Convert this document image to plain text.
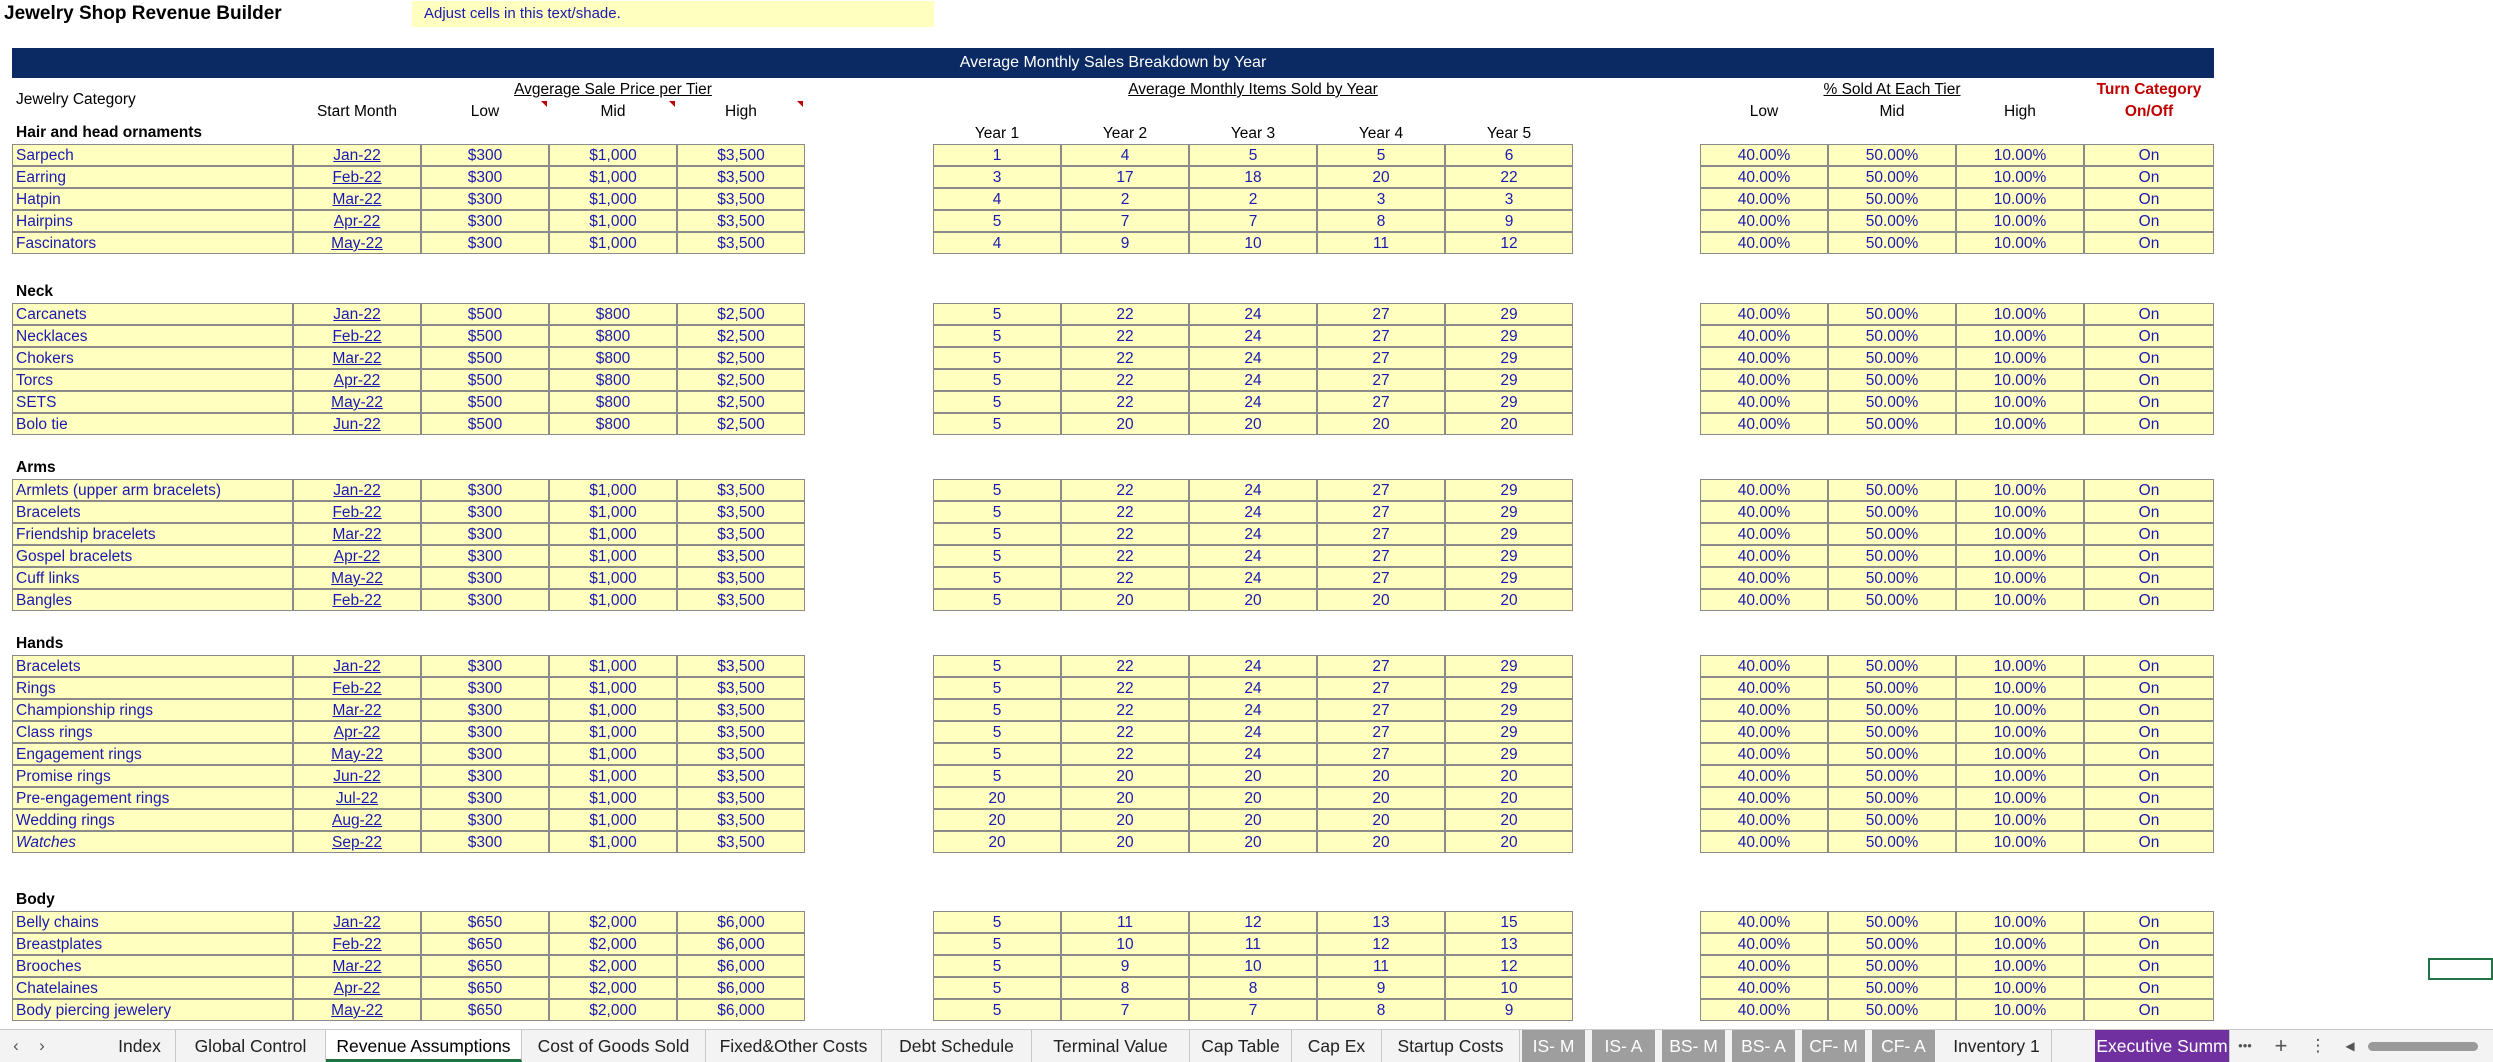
Jewelry Shop Revenue Builder	Adjust cells in this text/shade.
Average Monthly Sales Breakdown by Year
Jewelry Category
Start Month
Avgerage Sale Price per Tier
Low	Mid	High
Average Monthly Items Sold by Year
Year 1	Year 2	Year 3	Year 4	Year 5
% Sold At Each Tier
Low	Mid	High
Turn Category
On/Off
Hair and head ornaments
Sarpech	Jan-22	$300	$1,000	$3,500	1	4	5	5	6	40.00%	50.00%	10.00%	On
Earring	Feb-22	$300	$1,000	$3,500	3	17	18	20	22	40.00%	50.00%	10.00%	On
Hatpin	Mar-22	$300	$1,000	$3,500	4	2	2	3	3	40.00%	50.00%	10.00%	On
Hairpins	Apr-22	$300	$1,000	$3,500	5	7	7	8	9	40.00%	50.00%	10.00%	On
Fascinators	May-22	$300	$1,000	$3,500	4	9	10	11	12	40.00%	50.00%	10.00%	On
Neck
Carcanets	Jan-22	$500	$800	$2,500	5	22	24	27	29	40.00%	50.00%	10.00%	On
Necklaces	Feb-22	$500	$800	$2,500	5	22	24	27	29	40.00%	50.00%	10.00%	On
Chokers	Mar-22	$500	$800	$2,500	5	22	24	27	29	40.00%	50.00%	10.00%	On
Torcs	Apr-22	$500	$800	$2,500	5	22	24	27	29	40.00%	50.00%	10.00%	On
SETS	May-22	$500	$800	$2,500	5	22	24	27	29	40.00%	50.00%	10.00%	On
Bolo tie	Jun-22	$500	$800	$2,500	5	20	20	20	20	40.00%	50.00%	10.00%	On
Arms
Armlets (upper arm bracelets)	Jan-22	$300	$1,000	$3,500	5	22	24	27	29	40.00%	50.00%	10.00%	On
Bracelets	Feb-22	$300	$1,000	$3,500	5	22	24	27	29	40.00%	50.00%	10.00%	On
Friendship bracelets	Mar-22	$300	$1,000	$3,500	5	22	24	27	29	40.00%	50.00%	10.00%	On
Gospel bracelets	Apr-22	$300	$1,000	$3,500	5	22	24	27	29	40.00%	50.00%	10.00%	On
Cuff links	May-22	$300	$1,000	$3,500	5	22	24	27	29	40.00%	50.00%	10.00%	On
Bangles	Feb-22	$300	$1,000	$3,500	5	20	20	20	20	40.00%	50.00%	10.00%	On
Hands
Bracelets	Jan-22	$300	$1,000	$3,500	5	22	24	27	29	40.00%	50.00%	10.00%	On
Rings	Feb-22	$300	$1,000	$3,500	5	22	24	27	29	40.00%	50.00%	10.00%	On
Championship rings	Mar-22	$300	$1,000	$3,500	5	22	24	27	29	40.00%	50.00%	10.00%	On
Class rings	Apr-22	$300	$1,000	$3,500	5	22	24	27	29	40.00%	50.00%	10.00%	On
Engagement rings	May-22	$300	$1,000	$3,500	5	22	24	27	29	40.00%	50.00%	10.00%	On
Promise rings	Jun-22	$300	$1,000	$3,500	5	20	20	20	20	40.00%	50.00%	10.00%	On
Pre-engagement rings	Jul-22	$300	$1,000	$3,500	20	20	20	20	20	40.00%	50.00%	10.00%	On
Wedding rings	Aug-22	$300	$1,000	$3,500	20	20	20	20	20	40.00%	50.00%	10.00%	On
Watches	Sep-22	$300	$1,000	$3,500	20	20	20	20	20	40.00%	50.00%	10.00%	On
Body
Belly chains	Jan-22	$650	$2,000	$6,000	5	11	12	13	15	40.00%	50.00%	10.00%	On
Breastplates	Feb-22	$650	$2,000	$6,000	5	10	11	12	13	40.00%	50.00%	10.00%	On
Brooches	Mar-22	$650	$2,000	$6,000	5	9	10	11	12	40.00%	50.00%	10.00%	On
Chatelaines	Apr-22	$650	$2,000	$6,000	5	8	8	9	10	40.00%	50.00%	10.00%	On
Body piercing jewelery	May-22	$650	$2,000	$6,000	5	7	7	8	9	40.00%	50.00%	10.00%	On
‹	›	Index	Global Control	Revenue Assumptions	Cost of Goods Sold	Fixed&Other Costs	Debt Schedule	Terminal Value	Cap Table	Cap Ex	Startup Costs	IS- M	IS- A	BS- M	BS- A	CF- M	CF- A	Inventory 1	Executive Summ ••• +	⋮	◀
